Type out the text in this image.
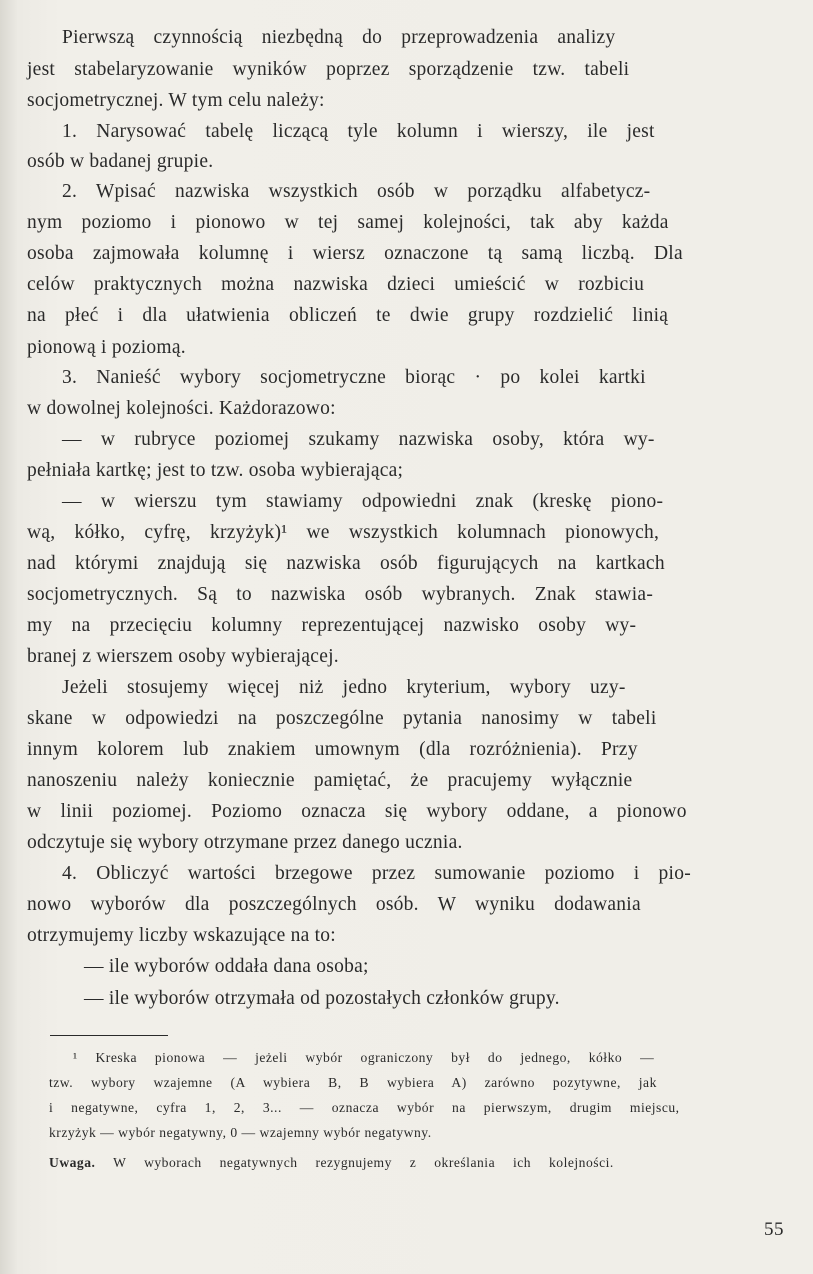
Pierwszą czynnością niezbędną do przeprowadzenia analizy
jest stabelaryzowanie wyników poprzez sporządzenie tzw. tabeli
socjometrycznej. W tym celu należy:
1. Narysować tabelę liczącą tyle kolumn i wierszy, ile jest
osób w badanej grupie.
2. Wpisać nazwiska wszystkich osób w porządku alfabetycz-
nym poziomo i pionowo w tej samej kolejności, tak aby każda
osoba zajmowała kolumnę i wiersz oznaczone tą samą liczbą. Dla
celów praktycznych można nazwiska dzieci umieścić w rozbiciu
na płeć i dla ułatwienia obliczeń te dwie grupy rozdzielić linią
pionową i poziomą.
3. Nanieść wybory socjometryczne biorąc · po kolei kartki
w dowolnej kolejności. Każdorazowo:
— w rubryce poziomej szukamy nazwiska osoby, która wy-
pełniała kartkę; jest to tzw. osoba wybierająca;
— w wierszu tym stawiamy odpowiedni znak (kreskę piono-
wą, kółko, cyfrę, krzyżyk)¹ we wszystkich kolumnach pionowych,
nad którymi znajdują się nazwiska osób figurujących na kartkach
socjometrycznych. Są to nazwiska osób wybranych. Znak stawia-
my na przecięciu kolumny reprezentującej nazwisko osoby wy-
branej z wierszem osoby wybierającej.
Jeżeli stosujemy więcej niż jedno kryterium, wybory uzy-
skane w odpowiedzi na poszczególne pytania nanosimy w tabeli
innym kolorem lub znakiem umownym (dla rozróżnienia). Przy
nanoszeniu należy koniecznie pamiętać, że pracujemy wyłącznie
w linii poziomej. Poziomo oznacza się wybory oddane, a pionowo
odczytuje się wybory otrzymane przez danego ucznia.
4. Obliczyć wartości brzegowe przez sumowanie poziomo i pio-
nowo wyborów dla poszczególnych osób. W wyniku dodawania
otrzymujemy liczby wskazujące na to:
— ile wyborów oddała dana osoba;
— ile wyborów otrzymała od pozostałych członków grupy.
¹ Kreska pionowa — jeżeli wybór ograniczony był do jednego, kółko —
tzw. wybory wzajemne (A wybiera B, B wybiera A) zarówno pozytywne, jak
i negatywne, cyfra 1, 2, 3... — oznacza wybór na pierwszym, drugim miejscu,
krzyżyk — wybór negatywny, 0 — wzajemny wybór negatywny.
Uwaga. W wyborach negatywnych rezygnujemy z określania ich kolejności.
55
